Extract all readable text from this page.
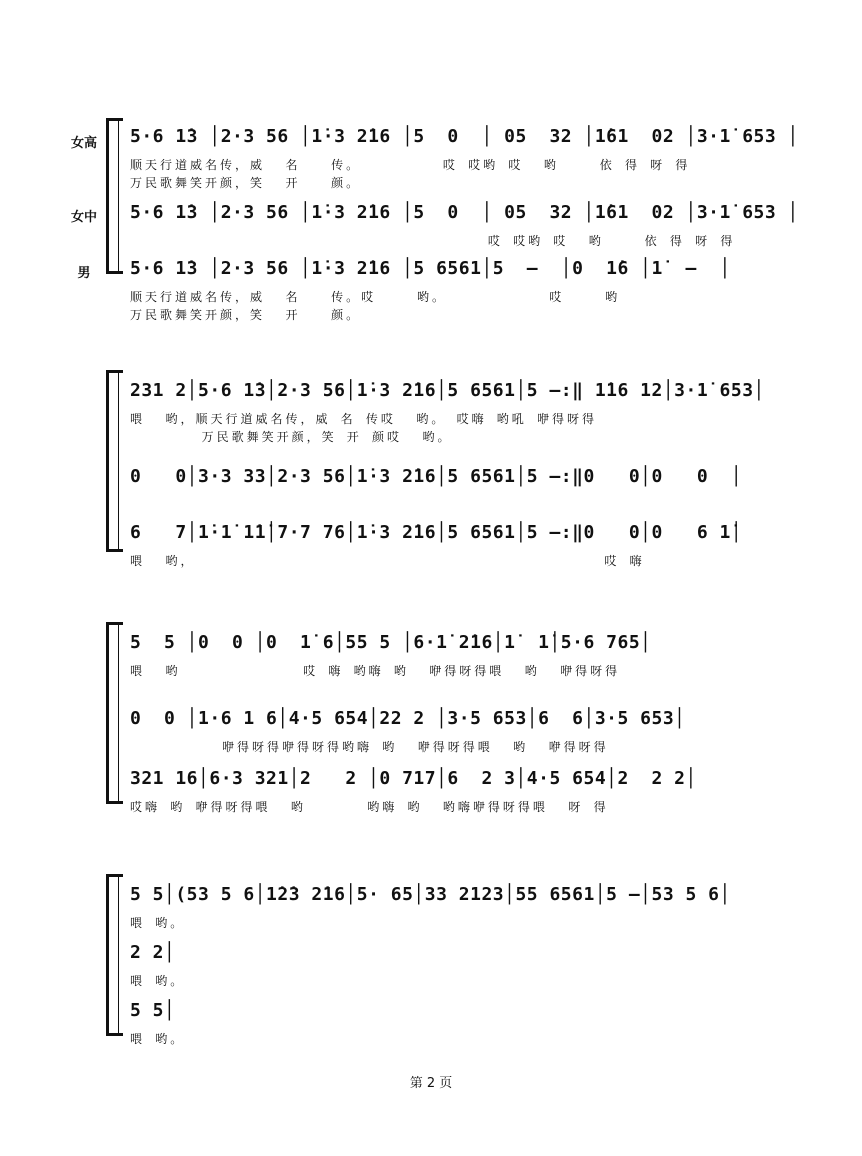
女高 5·6 1̇3 │2·3 56 │1̇·3 2̇16 │5  0  │ 05  32 │1̇61  02 │3·1̇ 653 │
顺天行道威名传，威  名   传。        哎 哎哟 哎  哟    依 得 呀 得
万民歌舞笑开颜，笑  开   颜。
女中 5·6 1̇3 │2·3 56 │1̇·3 2̇16 │5  0  │ 05  32 │1̇61  02 │3·1̇ 653 │
哎 哎哟 哎  哟    依 得 呀 得
男	5·6 1̇3 │2·3 56 │1̇·3 2̇16 │5 6561│5  —  │0  1̇6 │1̇  —  │
顺天行道威名传，威  名   传。哎    哟。          哎    哟
万民歌舞笑开颜，笑  开   颜。
231 2│5·6 1̇3│2·3 56│1̇·3 2̇16│5 6561│5 —:‖ 1̇16 12│3·1̇ 653│
喂  哟，顺天行道威名传，威 名 传哎  哟。 哎嗨 哟吼 咿得呀得
万民歌舞笑开颜，笑 开 颜哎  哟。
0   0│3·3 33│2·3 56│1̇·3 2̇16│5 6561│5 —:‖0   0│0   0  │
6   7│1̇·1̇ 1̇1̇│7·7 76│1̇·3 2̇16│5 6561│5 —:‖0   0│0   6 1̇│
喂  哟，                                        哎 嗨
5  5 │0  0 │0  1̇ 6│55 5 │6·1̇ 2̇16│1̇  1̇│5·6 765│
喂  哟            哎 嗨 哟嗨 哟  咿得呀得喂  哟  咿得呀得
0  0 │1·6 1 6│4·5 654│22 2 │3·5 653│6  6│3·5 653│
咿得呀得咿得呀得哟嗨 哟  咿得呀得喂  哟  咿得呀得
321 16│6·3 321│2   2 │0 717│6  2 3│4·5 654│2  2 2│
哎嗨 哟 咿得呀得喂  哟      哟嗨 哟  哟嗨咿得呀得喂  呀 得
5 5│(53 5 6│1̇2̇3 2̇16│5· 65│33 2123│55 6561│5 —│53 5 6│
喂 哟。
2 2│
喂 哟。
5 5│
喂 哟。
第 2 页
